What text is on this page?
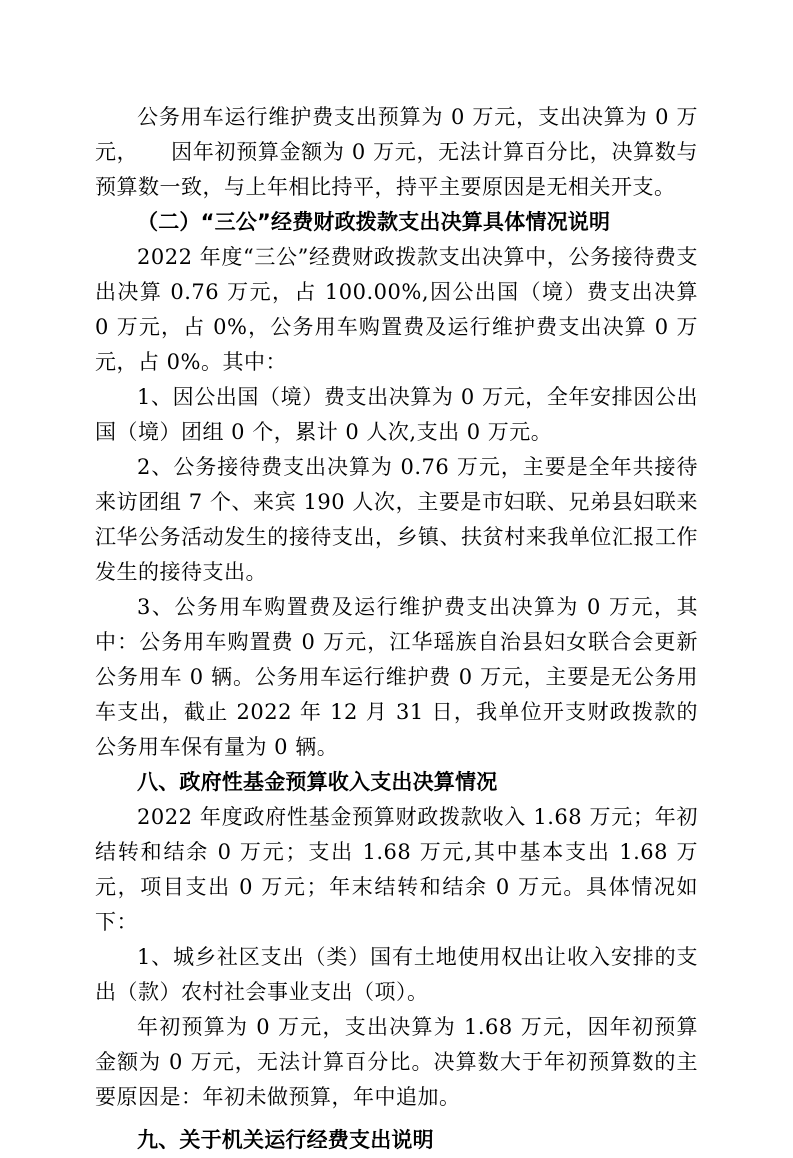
公务用车运行维护费支出预算为 0 万元，支出决算为 0 万元，　　因年初预算金额为 0 万元，无法计算百分比，决算数与预算数一致，与上年相比持平，持平主要原因是无相关开支。

（二）“三公”经费财政拨款支出决算具体情况说明

2022 年度“三公”经费财政拨款支出决算中，公务接待费支出决算 0.76 万元，占 100.00%,因公出国（境）费支出决算 0 万元，占 0%，公务用车购置费及运行维护费支出决算 0 万元，占 0%。其中：

1、因公出国（境）费支出决算为 0 万元，全年安排因公出国（境）团组 0 个，累计 0 人次,支出 0 万元。

2、公务接待费支出决算为 0.76 万元，主要是全年共接待来访团组 7 个、来宾 190 人次，主要是市妇联、兄弟县妇联来江华公务活动发生的接待支出，乡镇、扶贫村来我单位汇报工作发生的接待支出。

3、公务用车购置费及运行维护费支出决算为 0 万元，其中：公务用车购置费 0 万元，江华瑶族自治县妇女联合会更新公务用车 0 辆。公务用车运行维护费 0 万元，主要是无公务用车支出，截止 2022 年 12 月 31 日，我单位开支财政拨款的公务用车保有量为 0 辆。

八、政府性基金预算收入支出决算情况

2022 年度政府性基金预算财政拨款收入 1.68 万元；年初结转和结余 0 万元；支出 1.68 万元,其中基本支出 1.68 万元，项目支出 0 万元；年末结转和结余 0 万元。具体情况如下：

1、城乡社区支出（类）国有土地使用权出让收入安排的支出（款）农村社会事业支出（项）。

年初预算为 0 万元，支出决算为 1.68 万元，因年初预算金额为 0 万元，无法计算百分比。决算数大于年初预算数的主要原因是：年初未做预算，年中追加。

九、关于机关运行经费支出说明
